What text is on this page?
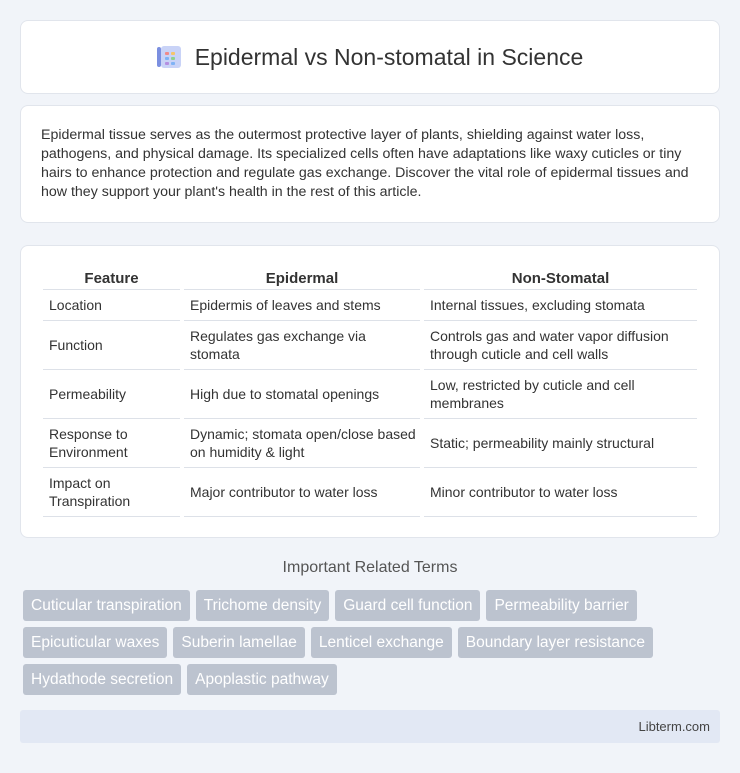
Epidermal vs Non-stomatal in Science

Epidermal tissue serves as the outermost protective layer of plants, shielding against water loss, pathogens, and physical damage. Its specialized cells often have adaptations like waxy cuticles or tiny hairs to enhance protection and regulate gas exchange. Discover the vital role of epidermal tissues and how they support your plant's health in the rest of this article.

Feature	Epidermal	Non-Stomatal
Location	Epidermis of leaves and stems	Internal tissues, excluding stomata
Function	Regulates gas exchange via stomata	Controls gas and water vapor diffusion through cuticle and cell walls
Permeability	High due to stomatal openings	Low, restricted by cuticle and cell membranes
Response to Environment	Dynamic; stomata open/close based on humidity & light	Static; permeability mainly structural
Impact on Transpiration	Major contributor to water loss	Minor contributor to water loss
Important Related Terms
Cuticular transpiration Trichome density Guard cell function Permeability barrier
Epicuticular waxes Suberin lamellae Lenticel exchange Boundary layer resistance
Hydathode secretion Apoplastic pathway
Libterm.com
